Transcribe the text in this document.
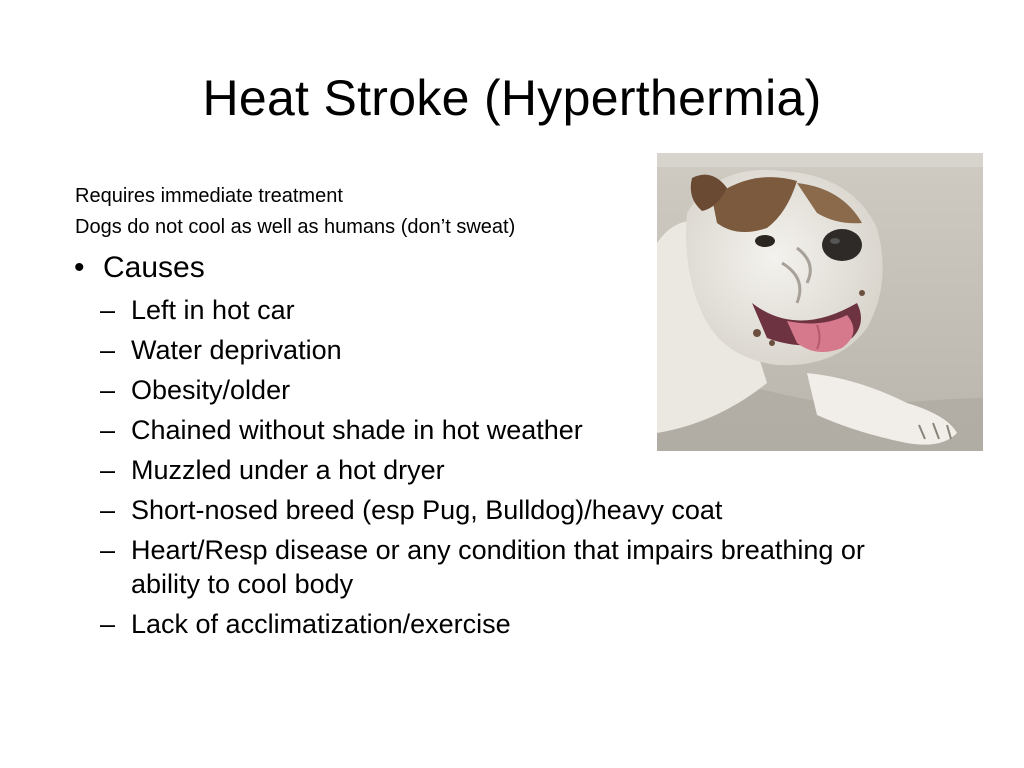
Heat Stroke (Hyperthermia)
Requires immediate treatment
Dogs do not cool as well as humans (don’t sweat)
• Causes
– Left in hot car
– Water deprivation
– Obesity/older
– Chained without shade in hot weather
– Muzzled under a hot dryer
– Short-nosed breed (esp Pug, Bulldog)/heavy coat
– Heart/Resp disease or any condition that impairs breathing or ability to cool body
– Lack of acclimatization/exercise
